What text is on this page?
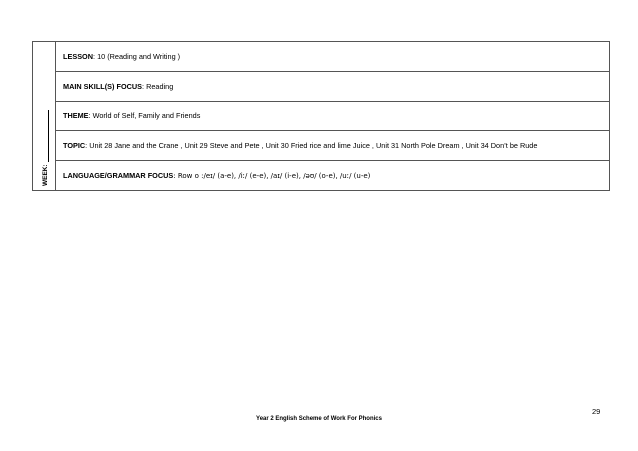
WEEK:
LESSON : 10 (Reading and Writing )
MAIN SKILL(S) FOCUS : Reading
THEME : World of Self, Family and Friends
TOPIC : Unit 28 Jane and the Crane , Unit 29 Steve and Pete , Unit 30 Fried rice and lime Juice , Unit 31 North Pole Dream , Unit 34 Don’t be Rude
LANGUAGE/GRAMMAR FOCUS : Row o :/eɪ/ (a-e), /iː/ (e-e), /aɪ/ (i-e), /əʊ/ (o-e), /uː/ (u-e)
29
Year 2 English Scheme of Work For Phonics
